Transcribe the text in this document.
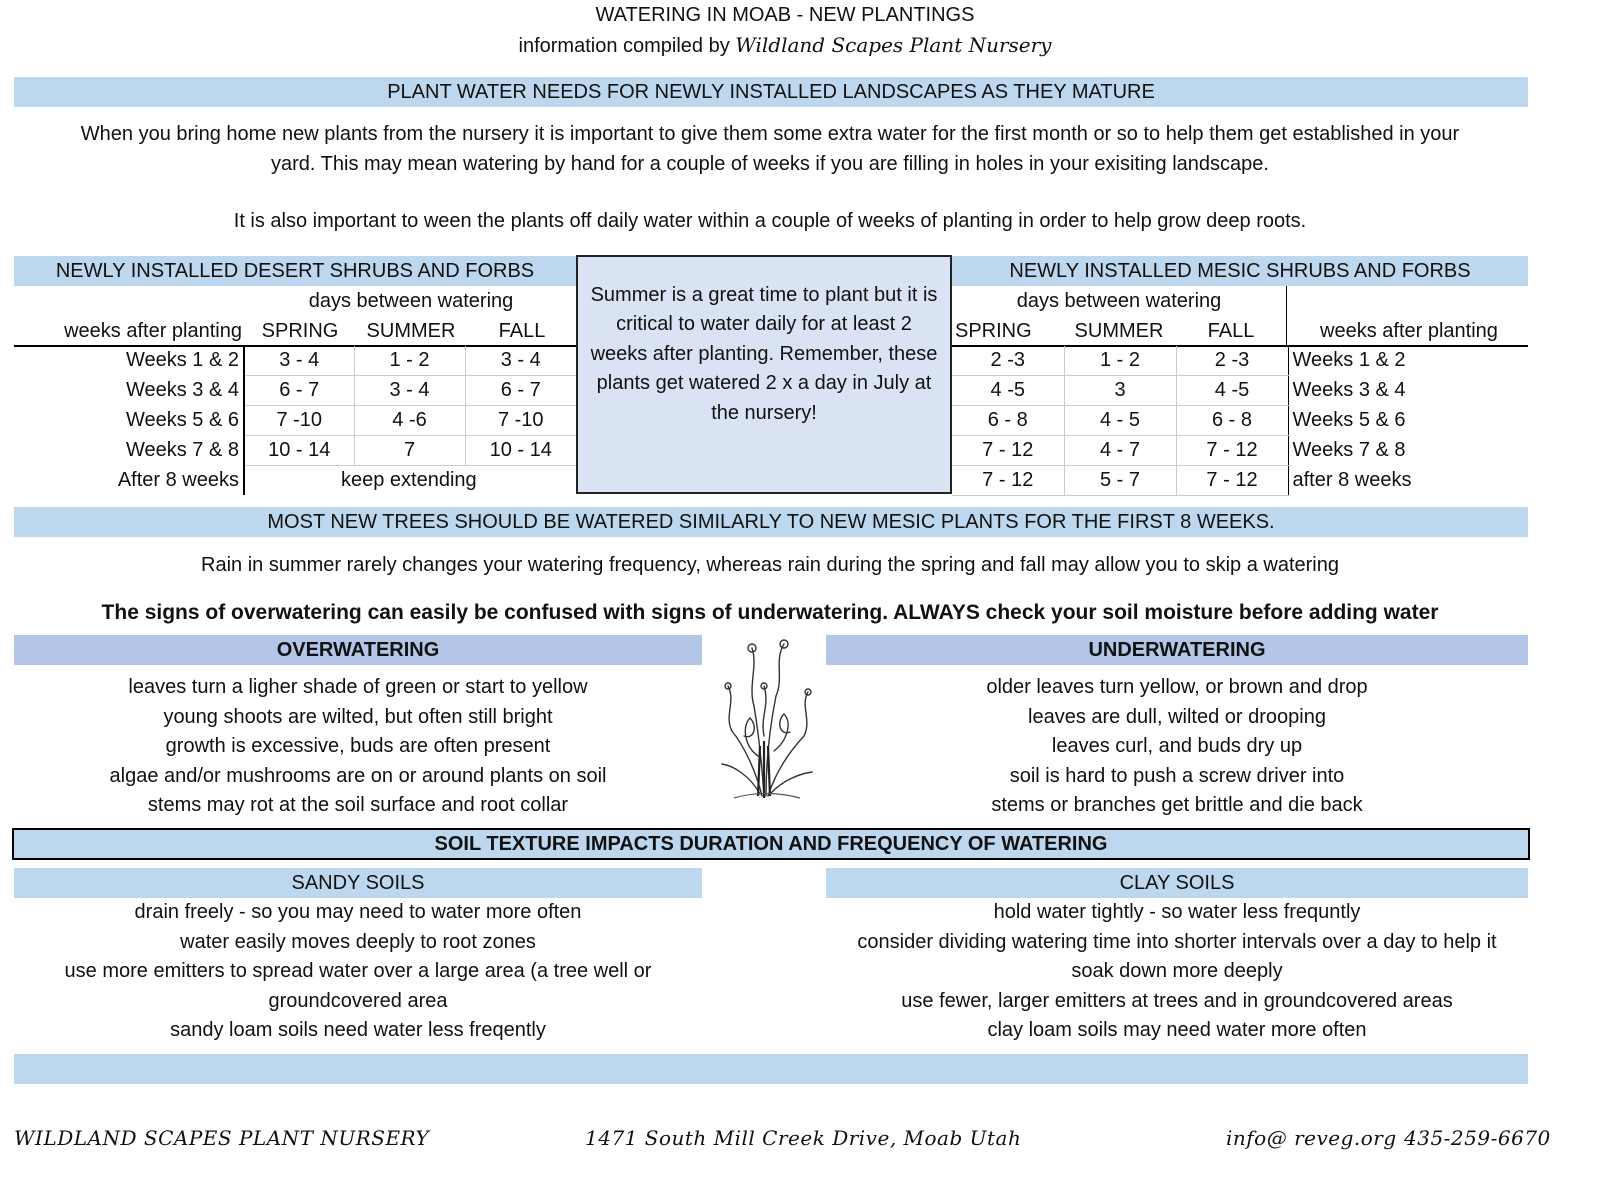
WATERING IN MOAB - NEW PLANTINGS
information compiled by Wildland Scapes Plant Nursery
PLANT WATER NEEDS FOR NEWLY INSTALLED LANDSCAPES AS THEY MATURE
When you bring home new plants from the nursery it is important to give them some extra water for the first month or so to help them get established in your
yard. This may mean watering by hand for a couple of weeks if you are filling in holes in your exisiting landscape.
It is also important to ween the plants off daily water within a couple of weeks of planting in order to help grow deep roots.
NEWLY INSTALLED DESERT SHRUBS AND FORBS
days between watering
weeks after planting SPRING	SUMMER	FALL
Weeks 1 & 2	3 - 4	1 - 2	3 - 4
Weeks 3 & 4	6 - 7	3 - 4	6 - 7
Weeks 5 & 6	7 -10	4 -6	7 -10
Weeks 7 & 8	10 - 14	7	10 - 14
After 8 weeks	keep extending		
Summer is a great time to plant but it is
critical to water daily for at least 2
weeks after planting. Remember, these
plants get watered 2 x a day in July at
the nursery!
NEWLY INSTALLED MESIC SHRUBS AND FORBS
days between watering
SPRING	SUMMER	FALL	weeks after planting
2 -3	1 - 2	2 -3	Weeks 1 & 2
4 -5	3	4 -5	Weeks 3 & 4
6 - 8	4 - 5	6 - 8	Weeks 5 & 6
7 - 12	4 - 7	7 - 12	Weeks 7 & 8
7 - 12	5 - 7	7 - 12	after 8 weeks
MOST NEW TREES SHOULD BE WATERED SIMILARLY TO NEW MESIC PLANTS FOR THE FIRST 8 WEEKS.
Rain in summer rarely changes your watering frequency, whereas rain during the spring and fall may allow you to skip a watering
The signs of overwatering can easily be confused with signs of underwatering. ALWAYS check your soil moisture before adding water
OVERWATERING	UNDERWATERING
leaves turn a ligher shade of green or start to yellow
young shoots are wilted, but often still bright
growth is excessive, buds are often present
algae and/or mushrooms are on or around plants on soil
stems may rot at the soil surface and root collar
older leaves turn yellow, or brown and drop
leaves are dull, wilted or drooping
leaves curl, and buds dry up
soil is hard to push a screw driver into
stems or branches get brittle and die back
SOIL TEXTURE IMPACTS DURATION AND FREQUENCY OF WATERING
SANDY SOILS	CLAY SOILS
drain freely - so you may need to water more often
water easily moves deeply to root zones
use more emitters to spread water over a large area (a tree well or
groundcovered area
sandy loam soils need water less freqently
hold water tightly - so water less frequntly
consider dividing watering time into shorter intervals over a day to help it
soak down more deeply
use fewer, larger emitters at trees and in groundcovered areas
clay loam soils may need water more often
WILDLAND SCAPES PLANT NURSERY	1471 South Mill Creek Drive, Moab Utah	info@ reveg.org 435-259-6670
